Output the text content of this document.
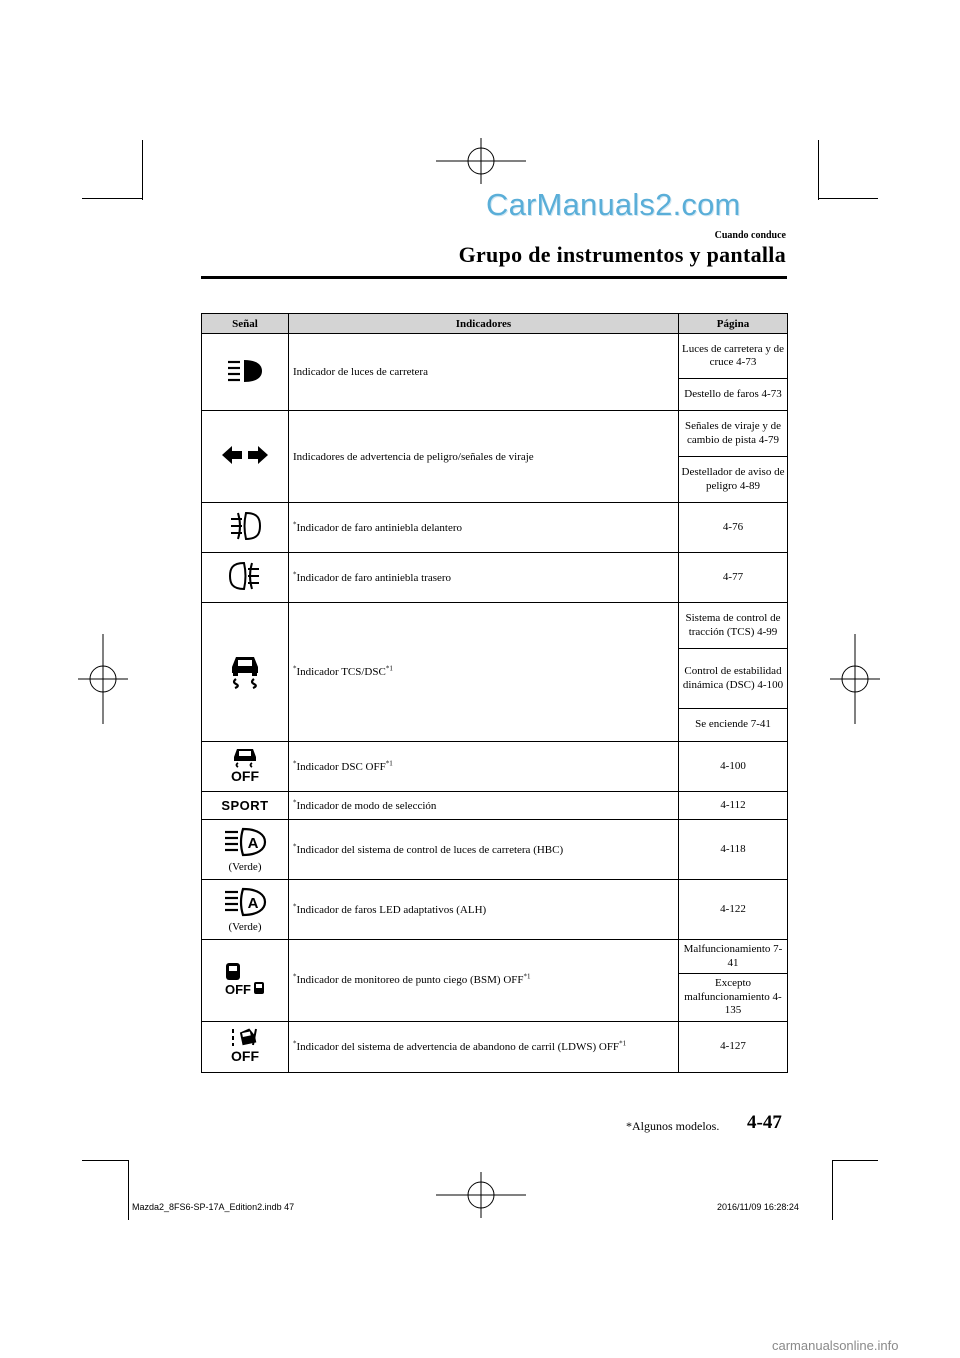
CarManuals2.com
Cuando conduce
Grupo de instrumentos y pantalla
Señal	Indicadores	Página
	Indicador de luces de carretera	Luces de carretera y de cruce 4-73
		Destello de faros 4-73
	Indicadores de advertencia de peligro/señales de viraje	Señales de viraje y de cambio de pista 4-79
		Destellador de aviso de peligro 4-89
	*Indicador de faro antiniebla delantero	4-76
	*Indicador de faro antiniebla trasero	4-77
	*Indicador TCS/DSC$^{*1}$	Sistema de control de tracción (TCS) 4-99
		Control de estabilidad dinámica (DSC) 4-100
		Se enciende 7-41

OFF	*Indicador DSC OFF$^{*1}$	4-100
SPORT	*Indicador de modo de selección	4-112

A
(Verde)	*Indicador del sistema de control de luces de carretera (HBC)	4-118

A
(Verde)	*Indicador de faros LED adaptativos (ALH)	4-122

OFF	*Indicador de monitoreo de punto ciego (BSM) OFF$^{*1}$	Malfuncionamiento 7-41
		Excepto malfuncionamiento 4-135

OFF	*Indicador del sistema de advertencia de abandono de carril (LDWS) OFF$^{*1}$	4-127
*Algunos modelos. 4-47
Mazda2_8FS6-SP-17A_Edition2.indb 47	2016/11/09 16:28:24
carmanualsonline.info
